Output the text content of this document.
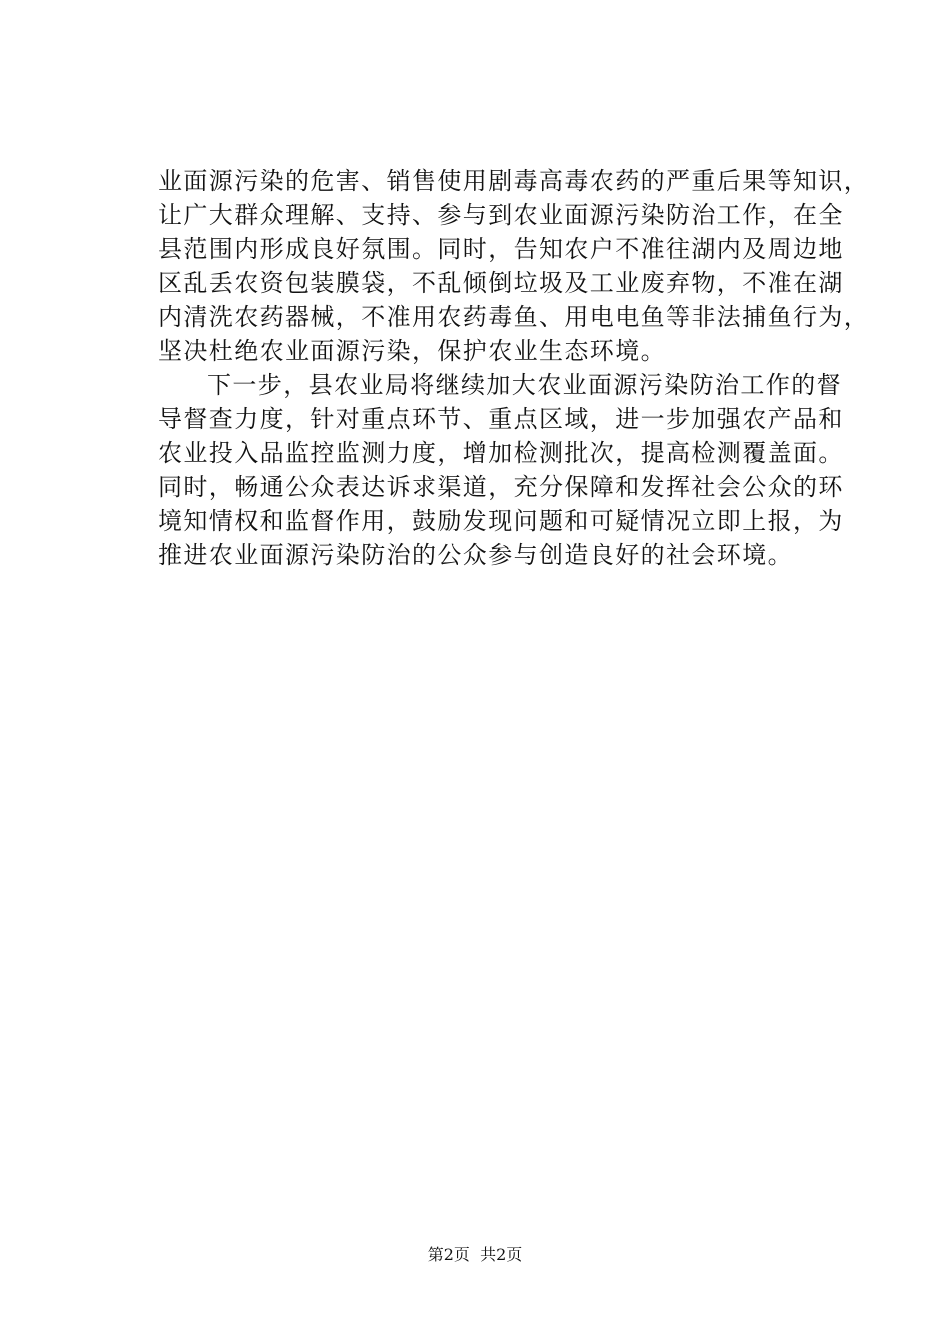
业面源污染的危害、销售使用剧毒高毒农药的严重后果等知识，

让广大群众理解、支持、参与到农业面源污染防治工作，在全

县范围内形成良好氛围。同时，告知农户不准往湖内及周边地

区乱丢农资包装膜袋，不乱倾倒垃圾及工业废弃物，不准在湖

内清洗农药器械，不准用农药毒鱼、用电电鱼等非法捕鱼行为，

坚决杜绝农业面源污染，保护农业生态环境。

下一步，县农业局将继续加大农业面源污染防治工作的督

导督查力度，针对重点环节、重点区域，进一步加强农产品和

农业投入品监控监测力度，增加检测批次，提高检测覆盖面。

同时，畅通公众表达诉求渠道，充分保障和发挥社会公众的环

境知情权和监督作用，鼓励发现问题和可疑情况立即上报，为

推进农业面源污染防治的公众参与创造良好的社会环境。

第2页  共2页
